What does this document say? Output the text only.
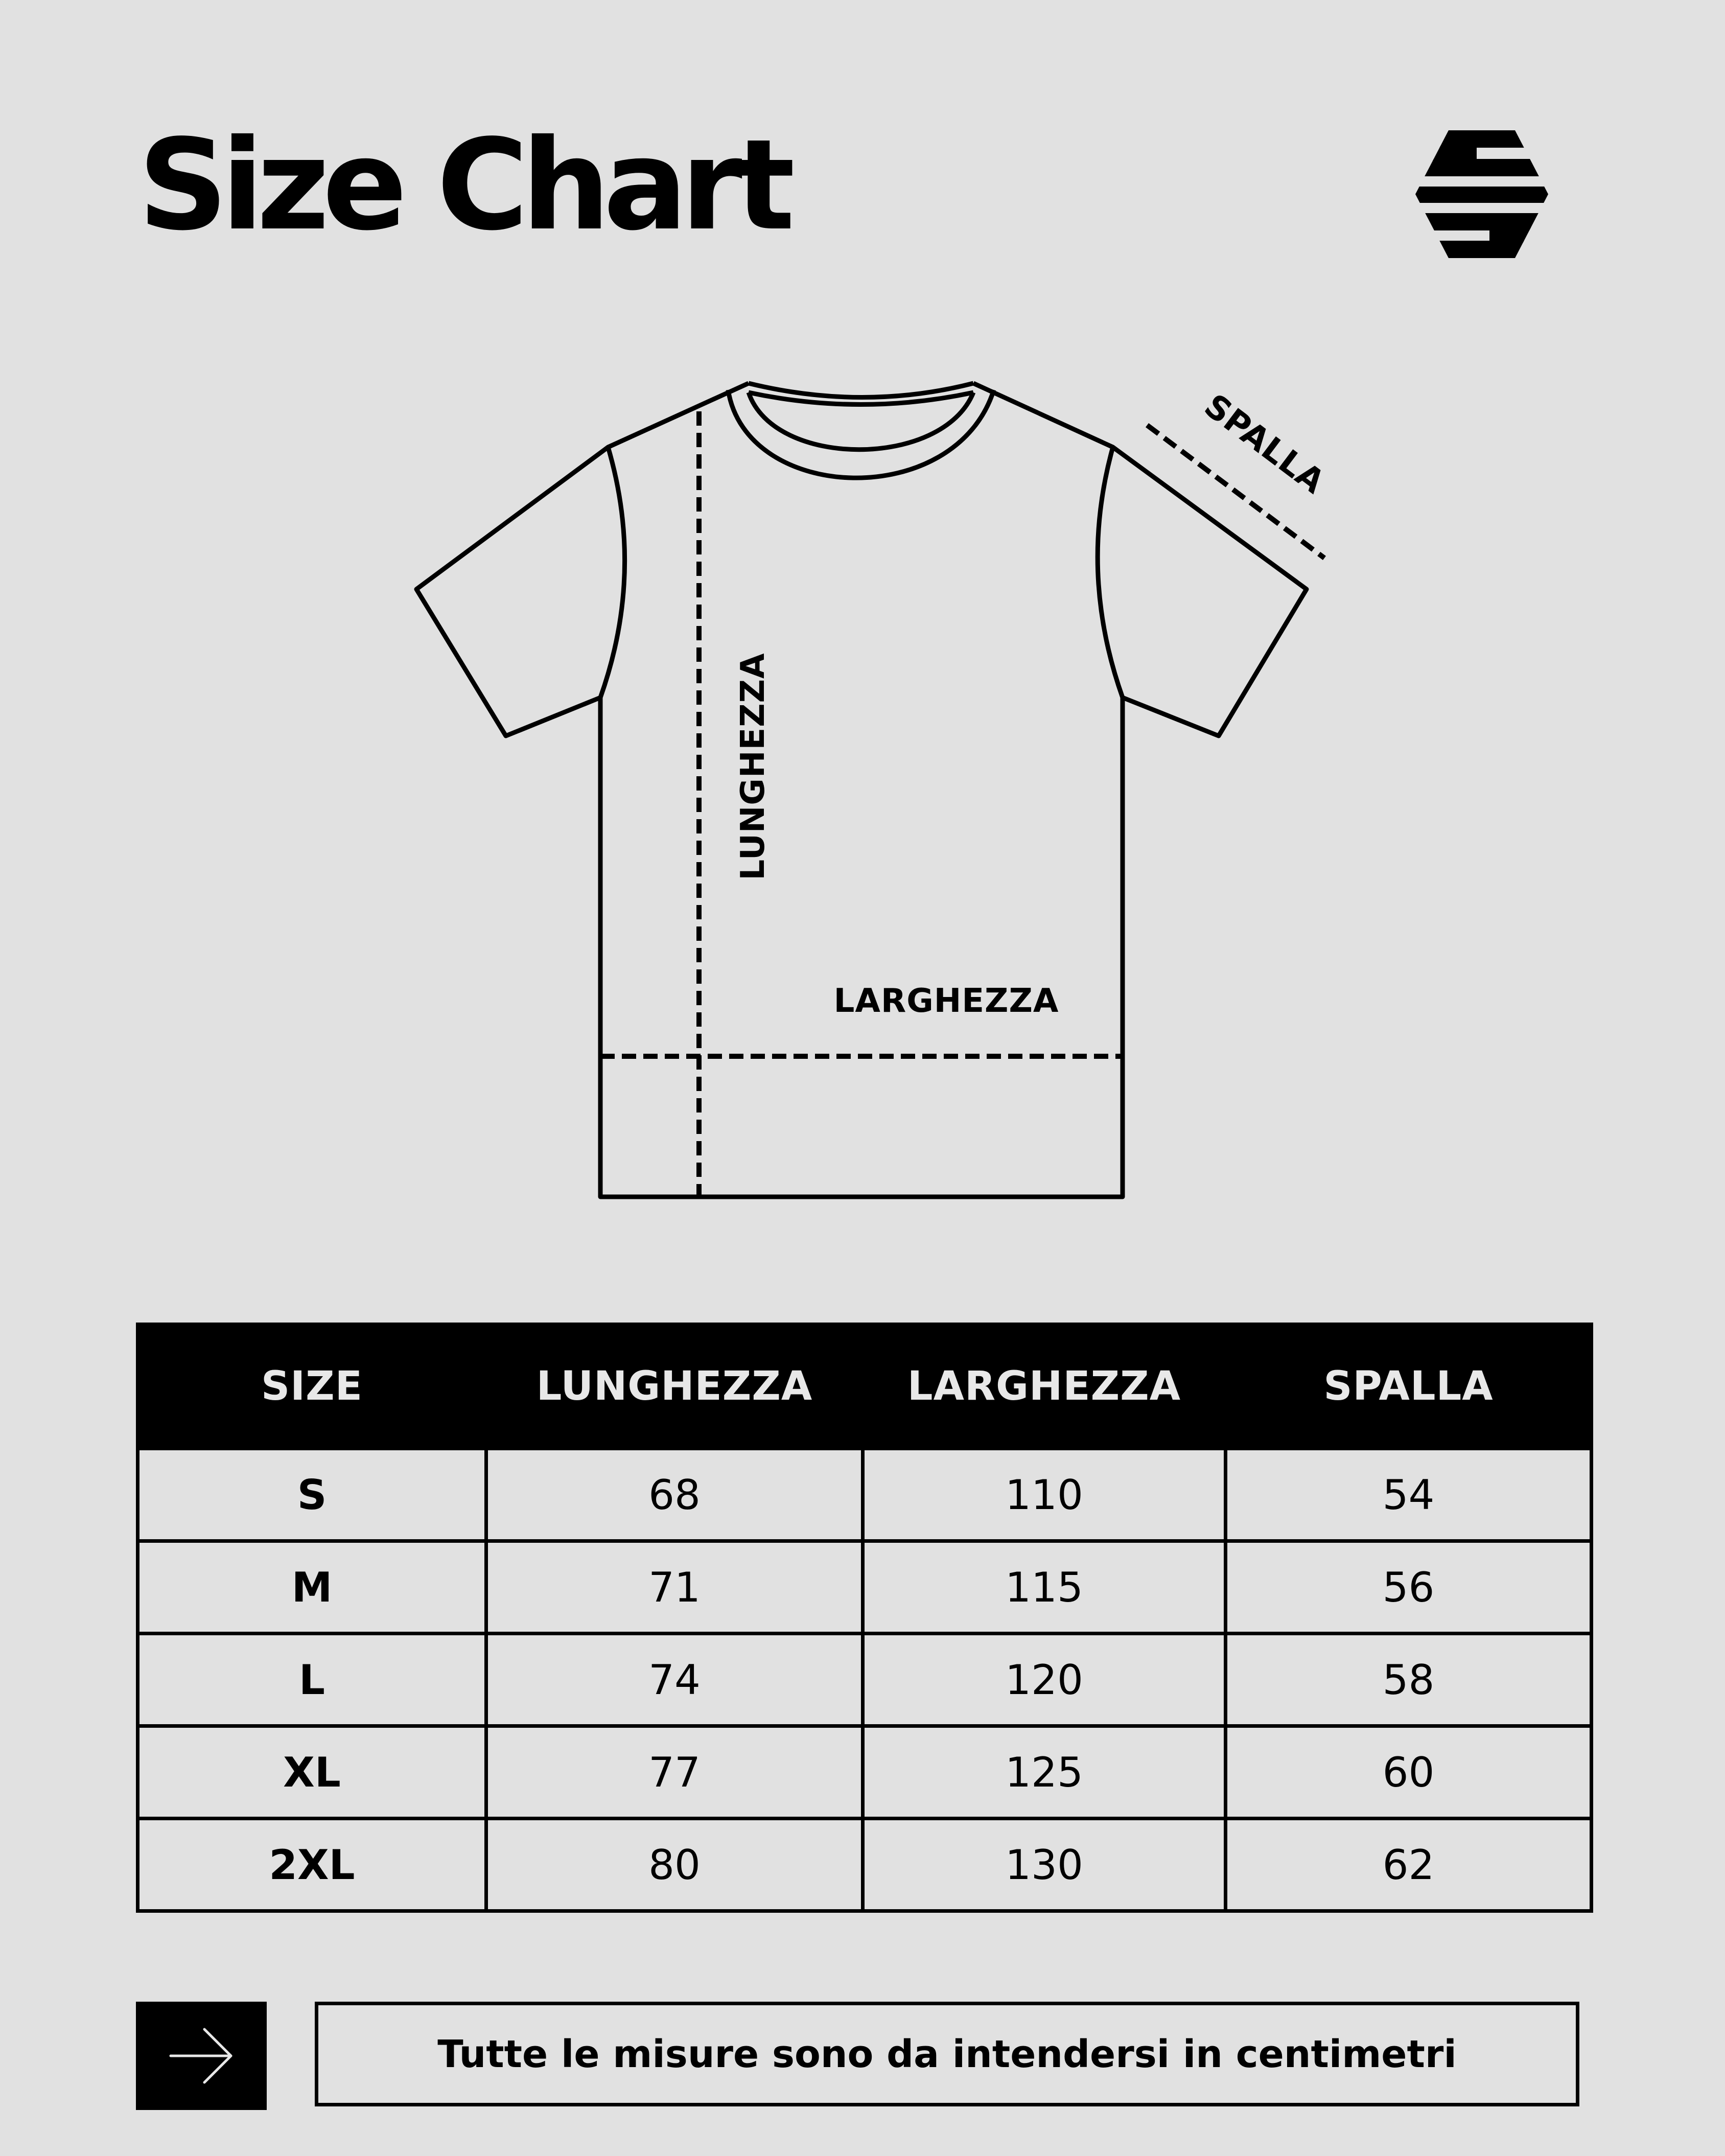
Size Chart
LUNGHEZZA
LARGHEZZA
SPALLA
SIZE	LUNGHEZZA	LARGHEZZA	SPALLA
S	68	110	54
M	71	115	56
L	74	120	58
XL	77	125	60
2XL	80	130	62
Tutte le misure sono da intendersi in centimetri
